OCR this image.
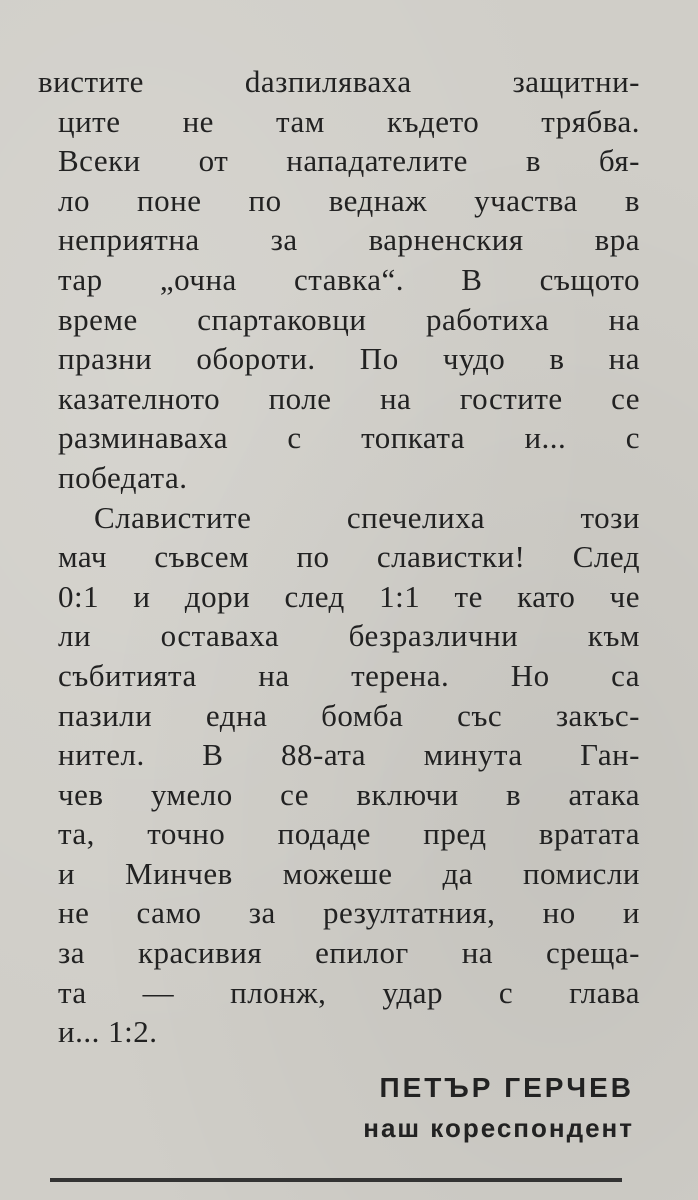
вистите dазпиляваха защитни-
ците не там където трябва.
Всеки от нападателите в бя-
ло поне по веднаж участва в
неприятна за варненския вра
тар „очна ставка“. В същото
време спартаковци работиха на
празни обороти. По чудо в на
казателното поле на гостите се
разминаваха с топката и... с
победата.
Славистите спечелиха този
мач съвсем по славистки! След
0:1 и дори след 1:1 те като че
ли оставаха безразлични към
събитията на терена. Но са
пазили една бомба със закъс-
нител. В 88-ата минута Ган-
чев умело се включи в атака
та, точно подаде пред вратата
и Минчев можеше да помисли
не само за резултатния, но и
за красивия епилог на среща-
та — плонж, удар с глава
и... 1:2.
ПЕТЪР ГЕРЧЕВ
наш кореспондент
